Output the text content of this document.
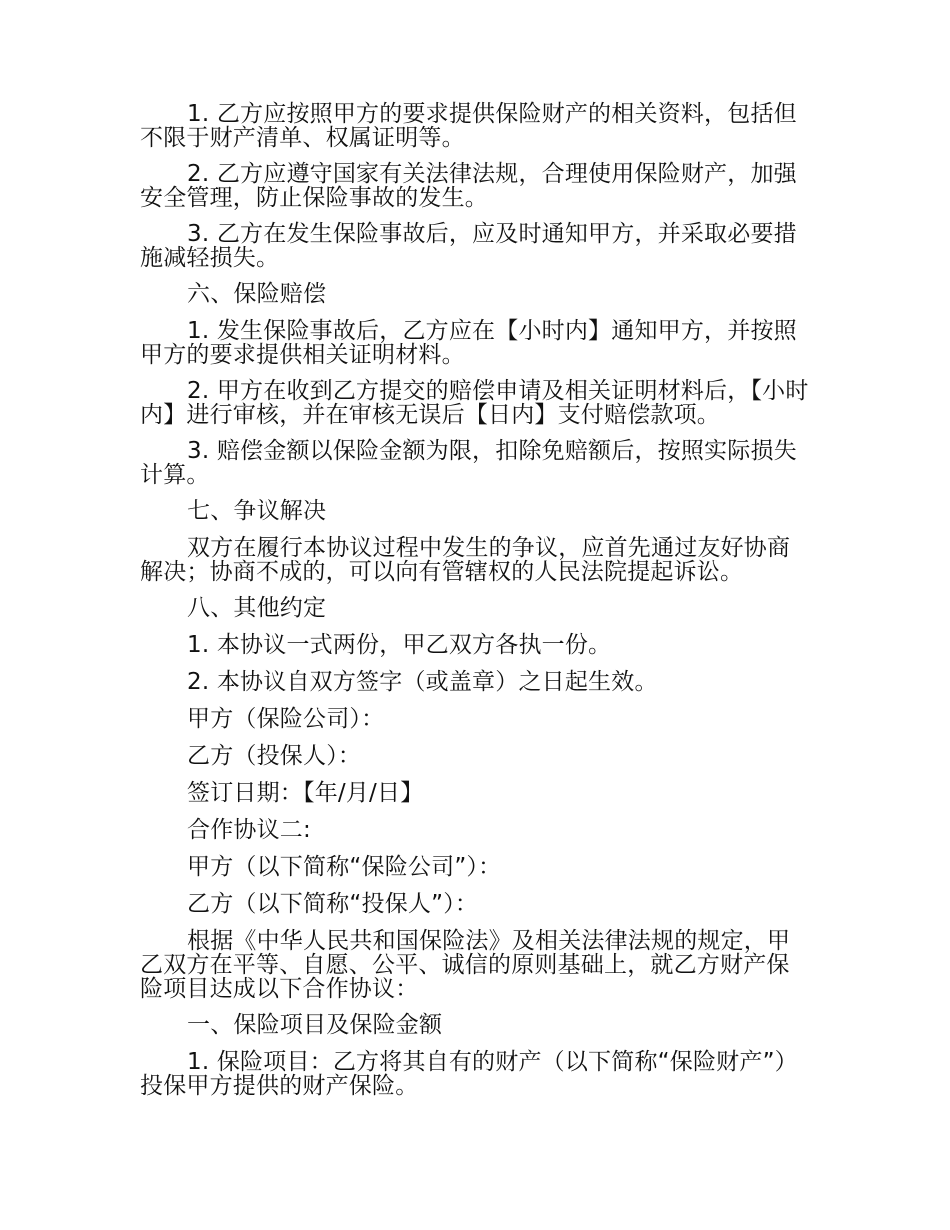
1. 乙方应按照甲方的要求提供保险财产的相关资料，包括但不限于财产清单、权属证明等。

2. 乙方应遵守国家有关法律法规，合理使用保险财产，加强安全管理，防止保险事故的发生。

3. 乙方在发生保险事故后，应及时通知甲方，并采取必要措施减轻损失。

六、保险赔偿

1. 发生保险事故后，乙方应在【小时内】通知甲方，并按照甲方的要求提供相关证明材料。

2. 甲方在收到乙方提交的赔偿申请及相关证明材料后，【小时内】进行审核，并在审核无误后【日内】支付赔偿款项。

3. 赔偿金额以保险金额为限，扣除免赔额后，按照实际损失计算。

七、争议解决

双方在履行本协议过程中发生的争议，应首先通过友好协商解决；协商不成的，可以向有管辖权的人民法院提起诉讼。

八、其他约定

1. 本协议一式两份，甲乙双方各执一份。

2. 本协议自双方签字（或盖章）之日起生效。

甲方（保险公司）：

乙方（投保人）：

签订日期：【年/月/日】

合作协议二:

甲方（以下简称“保险公司”）：

乙方（以下简称“投保人”）：

根据《中华人民共和国保险法》及相关法律法规的规定，甲乙双方在平等、自愿、公平、诚信的原则基础上，就乙方财产保险项目达成以下合作协议：

一、保险项目及保险金额

1. 保险项目：乙方将其自有的财产（以下简称“保险财产”）投保甲方提供的财产保险。
